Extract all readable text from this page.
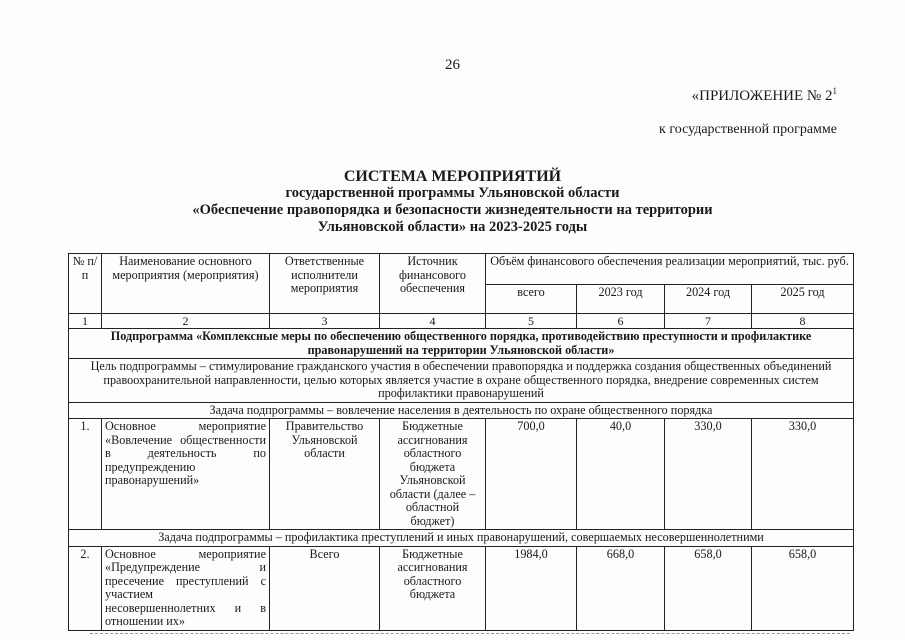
26
«ПРИЛОЖЕНИЕ № $2^1$
к государственной программе
СИСТЕМА МЕРОПРИЯТИЙ
государственной программы Ульяновской области
«Обеспечение правопорядка и безопасности жизнедеятельности на территории
Ульяновской области» на 2023-2025 годы
№ п/п	Наименование основного мероприятия (мероприятия)	Ответственные исполнители мероприятия	Источник финансового обеспечения	Объём финансового обеспечения реализации мероприятий, тыс. руб.			
				всего	2023 год	2024 год	2025 год
1	2	3	4	5	6	7	8
Подпрограмма «Комплексные меры по обеспечению общественного порядка, противодействию преступности и профилактике правонарушений на территории Ульяновской области»							
Цель подпрограммы – стимулирование гражданского участия в обеспечении правопорядка и поддержка создания общественных объединений правоохранительной направленности, целью которых является участие в охране общественного порядка, внедрение современных систем профилактики правонарушений							
Задача подпрограммы – вовлечение населения в деятельность по охране общественного порядка							
1.	Основное мероприятие «Вовлечение общественности в деятельность по предупреждению правонарушений»	Правительство Ульяновской области	Бюджетные ассигнования областного бюджета Ульяновской области (далее – областной бюджет)	700,0	40,0	330,0	330,0
Задача подпрограммы – профилактика преступлений и иных правонарушений, совершаемых несовершеннолетними							
2.	Основное мероприятие «Предупреждение и пресечение преступлений с участием несовершеннолетних и в отношении их»	Всего	Бюджетные ассигнования областного бюджета	1984,0	668,0	658,0	658,0
